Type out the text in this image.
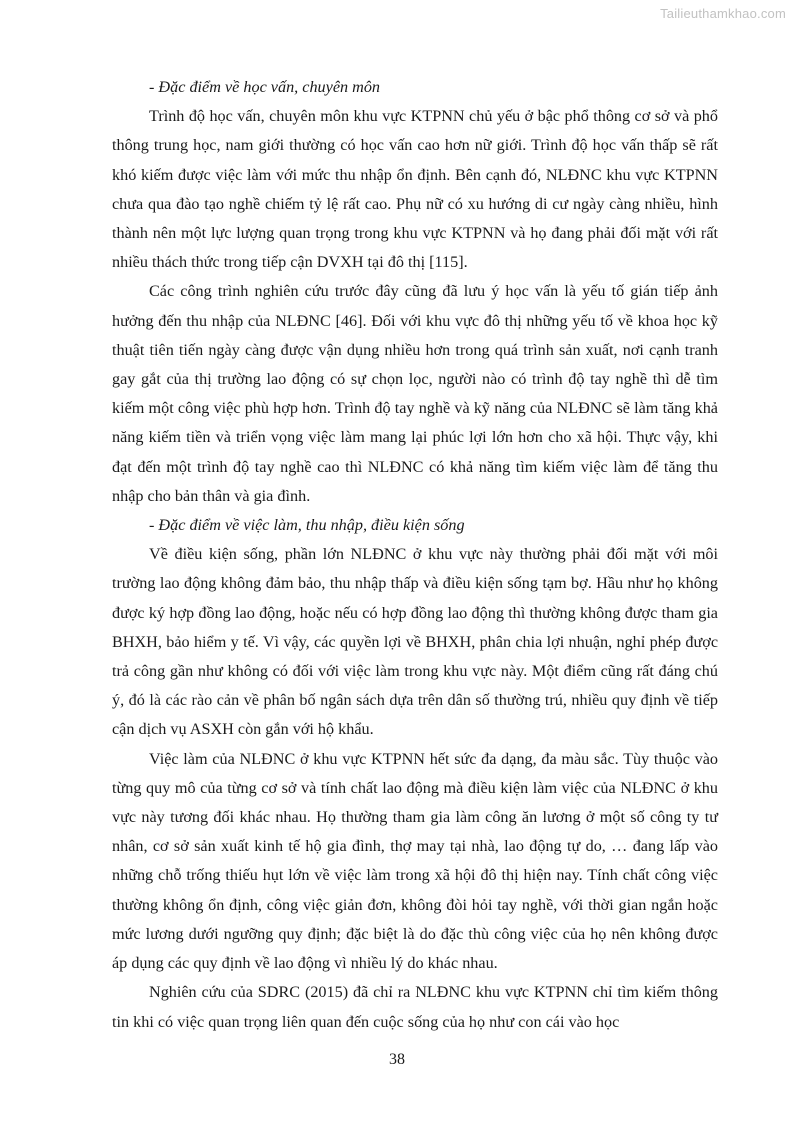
Tailieuthamkhao.com

- Đặc điểm về học vấn, chuyên môn

Trình độ học vấn, chuyên môn khu vực KTPNN chủ yếu ở bậc phổ thông cơ sở và phổ thông trung học, nam giới thường có học vấn cao hơn nữ giới. Trình độ học vấn thấp sẽ rất khó kiếm được việc làm với mức thu nhập ổn định. Bên cạnh đó, NLĐNC khu vực KTPNN chưa qua đào tạo nghề chiếm tỷ lệ rất cao. Phụ nữ có xu hướng di cư ngày càng nhiều, hình thành nên một lực lượng quan trọng trong khu vực KTPNN và họ đang phải đối mặt với rất nhiều thách thức trong tiếp cận DVXH tại đô thị [115].

Các công trình nghiên cứu trước đây cũng đã lưu ý học vấn là yếu tố gián tiếp ảnh hưởng đến thu nhập của NLĐNC [46]. Đối với khu vực đô thị những yếu tố về khoa học kỹ thuật tiên tiến ngày càng được vận dụng nhiều hơn trong quá trình sản xuất, nơi cạnh tranh gay gắt của thị trường lao động có sự chọn lọc, người nào có trình độ tay nghề thì dễ tìm kiếm một công việc phù hợp hơn. Trình độ tay nghề và kỹ năng của NLĐNC sẽ làm tăng khả năng kiếm tiền và triển vọng việc làm mang lại phúc lợi lớn hơn cho xã hội. Thực vậy, khi đạt đến một trình độ tay nghề cao thì NLĐNC có khả năng tìm kiếm việc làm để tăng thu nhập cho bản thân và gia đình.

- Đặc điểm về việc làm, thu nhập, điều kiện sống

Về điều kiện sống, phần lớn NLĐNC ở khu vực này thường phải đối mặt với môi trường lao động không đảm bảo, thu nhập thấp và điều kiện sống tạm bợ. Hầu như họ không được ký hợp đồng lao động, hoặc nếu có hợp đồng lao động thì thường không được tham gia BHXH, bảo hiểm y tế. Vì vậy, các quyền lợi về BHXH, phân chia lợi nhuận, nghỉ phép được trả công gần như không có đối với việc làm trong khu vực này. Một điểm cũng rất đáng chú ý, đó là các rào cản về phân bố ngân sách dựa trên dân số thường trú, nhiều quy định về tiếp cận dịch vụ ASXH còn gắn với hộ khẩu.

Việc làm của NLĐNC ở khu vực KTPNN hết sức đa dạng, đa màu sắc. Tùy thuộc vào từng quy mô của từng cơ sở và tính chất lao động mà điều kiện làm việc của NLĐNC ở khu vực này tương đối khác nhau. Họ thường tham gia làm công ăn lương ở một số công ty tư nhân, cơ sở sản xuất kinh tế hộ gia đình, thợ may tại nhà, lao động tự do, … đang lấp vào những chỗ trống thiếu hụt lớn về việc làm trong xã hội đô thị hiện nay. Tính chất công việc thường không ổn định, công việc giản đơn, không đòi hỏi tay nghề, với thời gian ngắn hoặc mức lương dưới ngưỡng quy định; đặc biệt là do đặc thù công việc của họ nên không được áp dụng các quy định về lao động vì nhiều lý do khác nhau.

Nghiên cứu của SDRC (2015) đã chỉ ra NLĐNC khu vực KTPNN chỉ tìm kiếm thông tin khi có việc quan trọng liên quan đến cuộc sống của họ như con cái vào học

38
